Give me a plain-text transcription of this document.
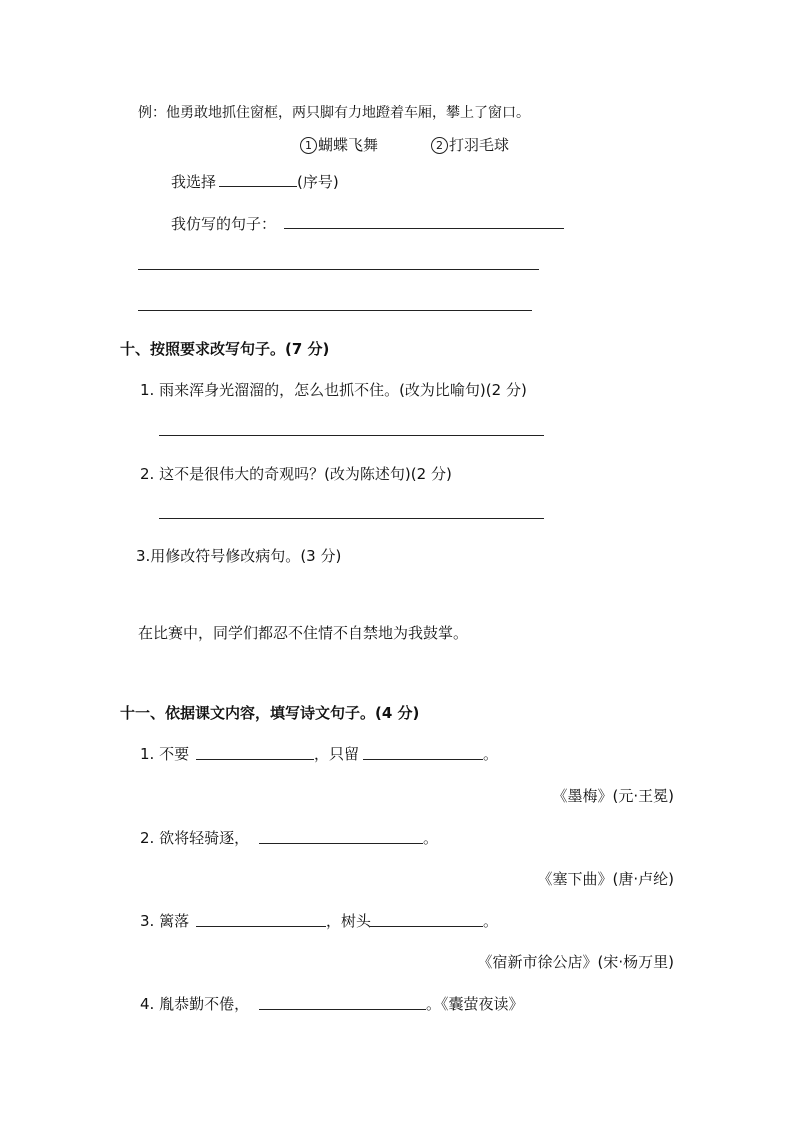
例：他勇敢地抓住窗框，两只脚有力地蹬着车厢，攀上了窗口。
1 蝴蝶飞舞	2 打羽毛球
我选择	(序号)
我仿写的句子：
十、按照要求改写句子。(7 分)
1. 雨来浑身光溜溜的，怎么也抓不住。(改为比喻句)(2 分)
2. 这不是很伟大的奇观吗？(改为陈述句)(2 分)
3.用修改符号修改病句。(3 分)
在比赛中，同学们都忍不住情不自禁地为我鼓掌。
十一、依据课文内容，填写诗文句子。(4 分)
1. 不要	，只留	。
《墨梅》(元·王冕)
2. 欲将轻骑逐，	。
《塞下曲》(唐·卢纶)
3. 篱落	，树头	。
《宿新市徐公店》(宋·杨万里)
4. 胤恭勤不倦，	。《囊萤夜读》
